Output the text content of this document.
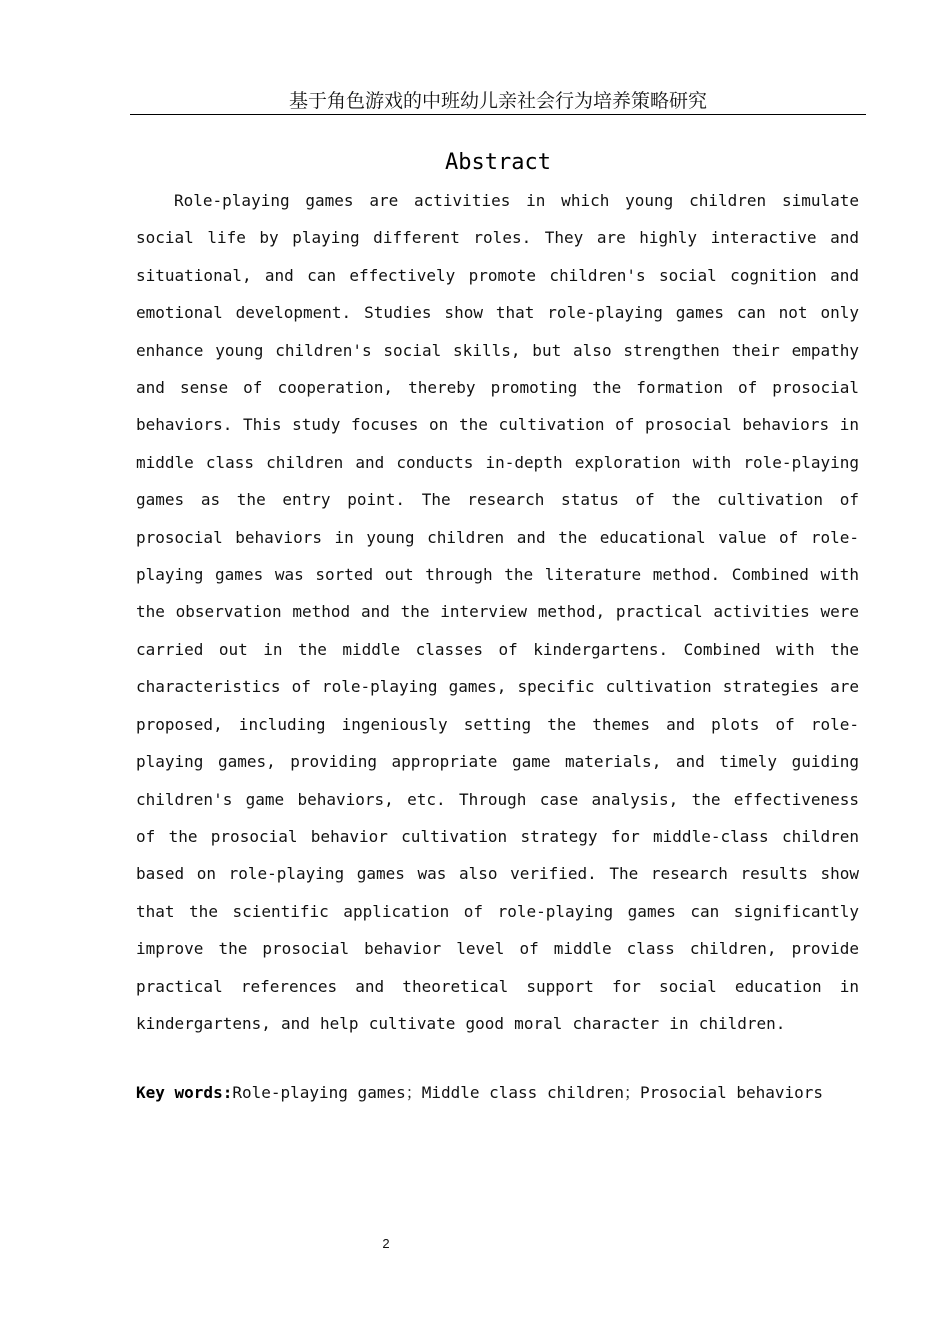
基于角色游戏的中班幼儿亲社会行为培养策略研究
Abstract

Role-playing games are activities in which young children simulate social life by playing different roles. They are highly interactive and situational, and can effectively promote children's social cognition and emotional development. Studies show that role-playing games can not only enhance young children's social skills, but also strengthen their empathy and sense of cooperation, thereby promoting the formation of prosocial behaviors. This study focuses on the cultivation of prosocial behaviors in middle class children and conducts in-depth exploration with role-playing games as the entry point. The research status of the cultivation of prosocial behaviors in young children and the educational value of role-playing games was sorted out through the literature method. Combined with the observation method and the interview method, practical activities were carried out in the middle classes of kindergartens. Combined with the characteristics of role-playing games, specific cultivation strategies are proposed, including ingeniously setting the themes and plots of role-playing games, providing appropriate game materials, and timely guiding children's game behaviors, etc. Through case analysis, the effectiveness of the prosocial behavior cultivation strategy for middle-class children based on role-playing games was also verified. The research results show that the scientific application of role-playing games can significantly improve the prosocial behavior level of middle class children, provide practical references and theoretical support for social education in kindergartens, and help cultivate good moral character in children.

Key words:Role-playing games；Middle class children；Prosocial behaviors
2
